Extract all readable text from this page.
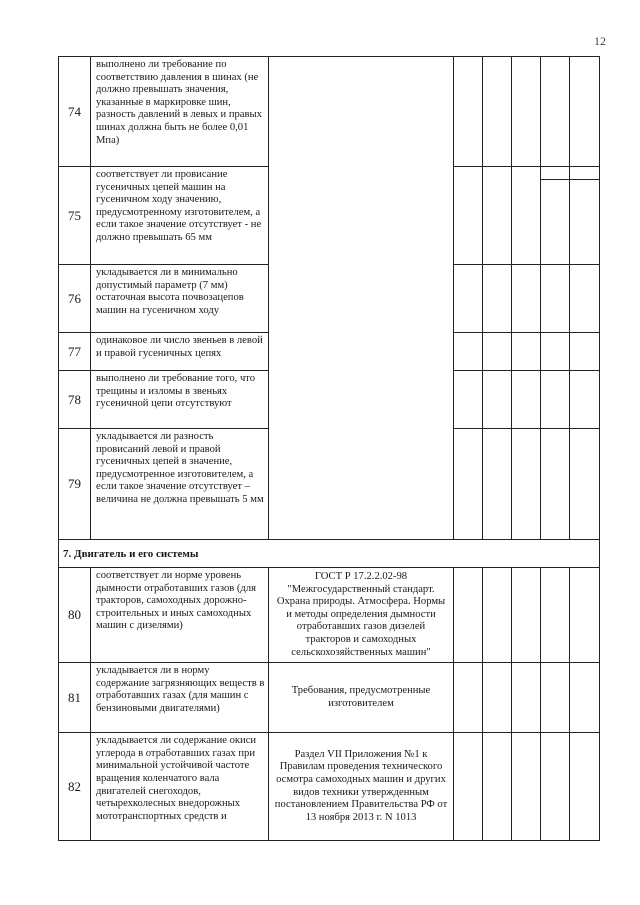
12
74	выполнено ли требование по соответствию давления в шинах (не должно превышать значения, указанные в маркировке шин, разность давлений в левых и правых шинах должна быть не более 0,01 Мпа)						
75	соответствует ли провисание гусеничных цепей машин на гусеничном ходу значению, предусмотренному изготовителем, а если такое значение отсутствует - не должно превышать 65 мм					

76	укладывается ли в минимально допустимый параметр (7 мм) остаточная высота почвозацепов машин на гусеничном ходу						
77	одинаковое ли число звеньев в левой и правой гусеничных цепях						
78	выполнено ли требование того, что трещины и изломы в звеньях гусеничной цепи отсутствуют						
79	укладывается ли разность провисаний левой и правой гусеничных цепей в значение, предусмотренное изготовителем, а если такое значение отсутствует – величина не должна превышать 5 мм						
7. Двигатель и его системы							
80	соответствует ли норме уровень дымности отработавших газов (для тракторов, самоходных дорожно-строительных и иных самоходных машин с дизелями)	ГОСТ Р 17.2.2.02-98 "Межгосударственный стандарт. Охрана природы. Атмосфера. Нормы и методы определения дымности отработавших газов дизелей тракторов и самоходных сельскохозяйственных машин"					
81	укладывается ли в норму содержание загрязняющих веществ в отработавших газах (для машин с бензиновыми двигателями)	Требования, предусмотренные изготовителем					
82	укладывается ли содержание окиси углерода в отработавших газах при минимальной устойчивой частоте вращения коленчатого вала двигателей снегоходов, четырехколесных внедорожных мототранспортных средств и	Раздел VII Приложения №1 к Правилам проведения технического осмотра самоходных машин и других видов техники утвержденным постановлением Правительства РФ от 13 ноября 2013 г. N 1013					
